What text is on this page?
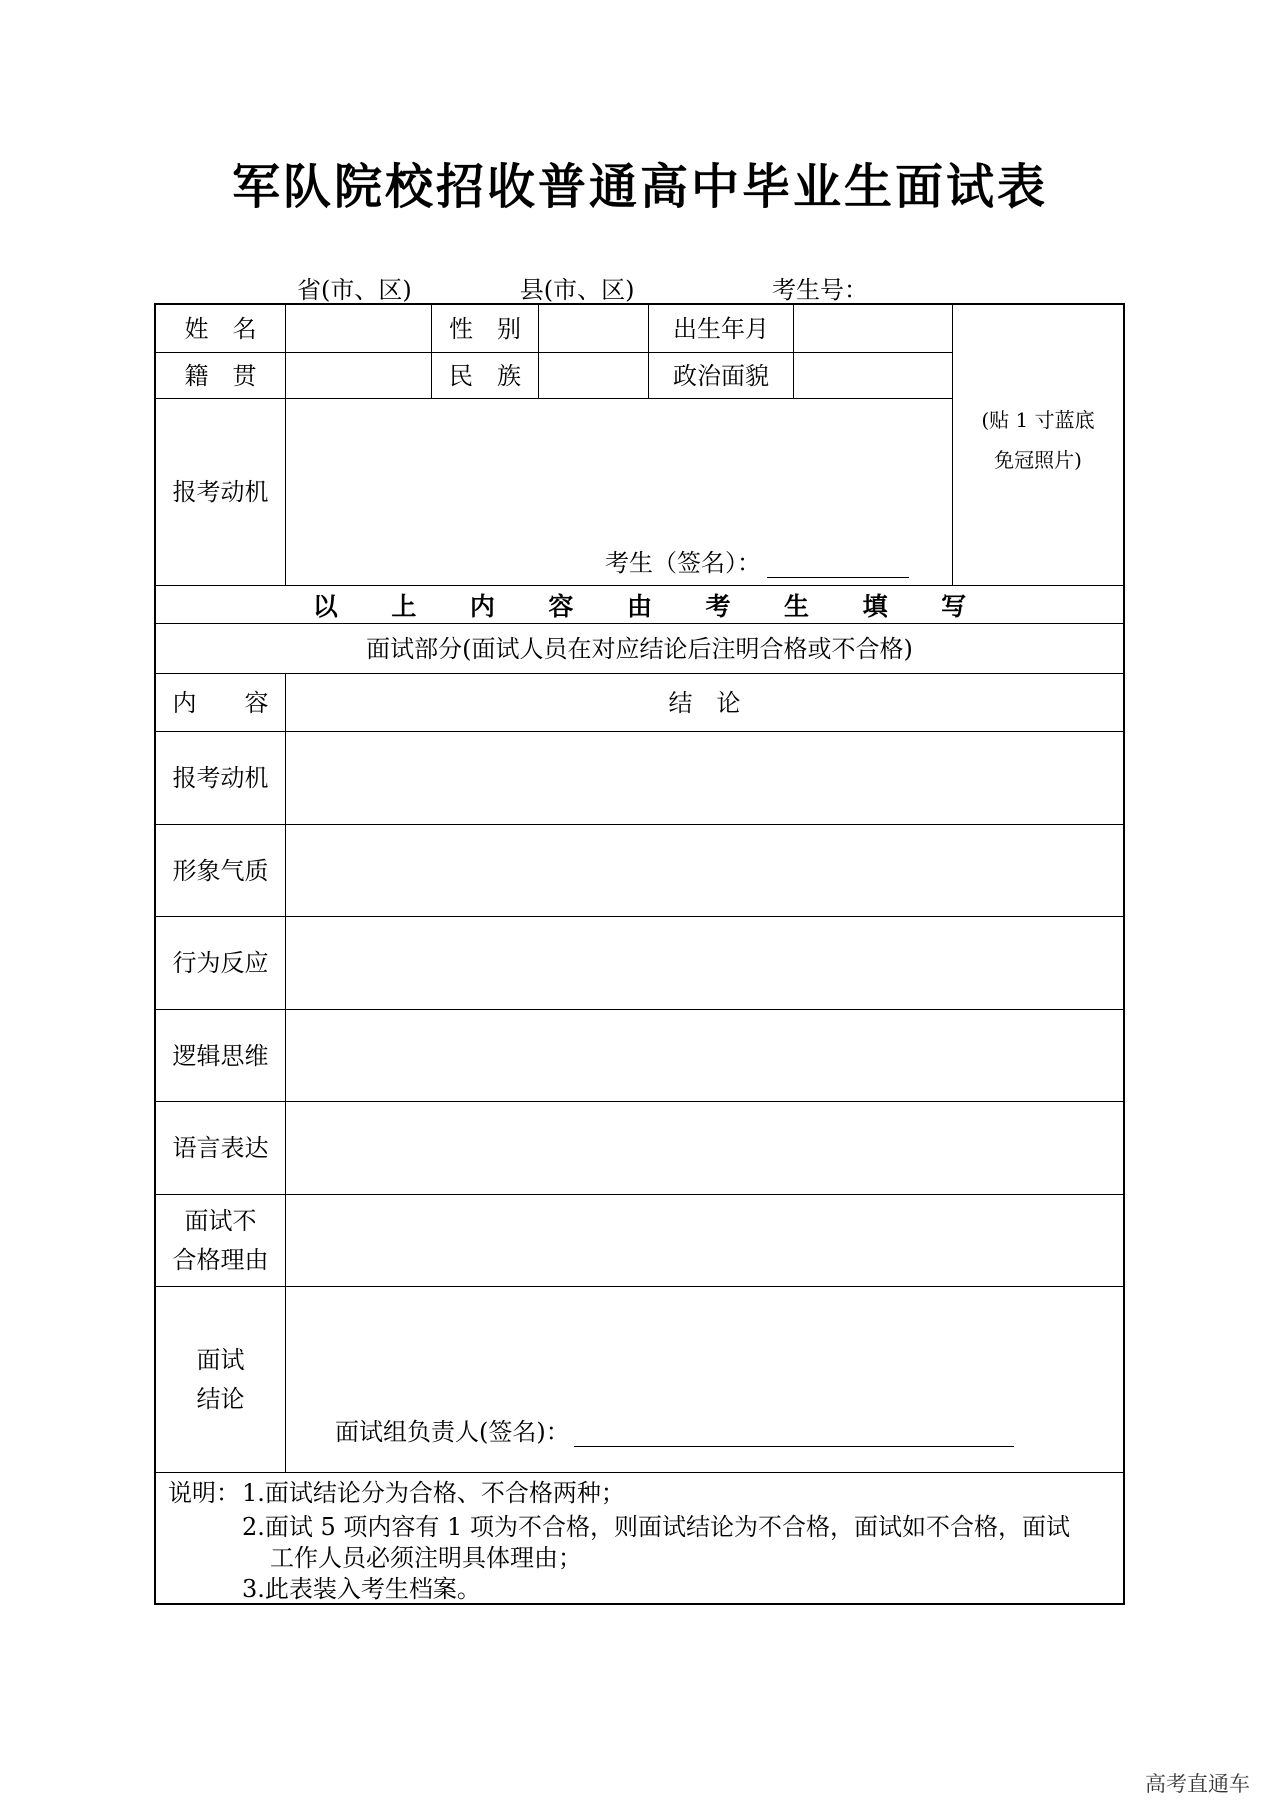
军队院校招收普通高中毕业生面试表
省(市、区)	县(市、区)	考生号：
姓　名	性　别	出生年月
籍　贯	民　族	政治面貌
报考动机
考生（签名）：
(贴 1 寸蓝底
免冠照片)
以 上 内 容 由 考 生 填 写
面试部分(面试人员在对应结论后注明合格或不合格)
内　　容	结　论
报考动机
形象气质
行为反应
逻辑思维
语言表达
面试不
合格理由
面试
结论
面试组负责人(签名)：
说明： 1.面试结论分为合格、不合格两种；
2.面试 5 项内容有 1 项为不合格，则面试结论为不合格，面试如不合格，面试
工作人员必须注明具体理由；
3.此表装入考生档案。
高考直通车
